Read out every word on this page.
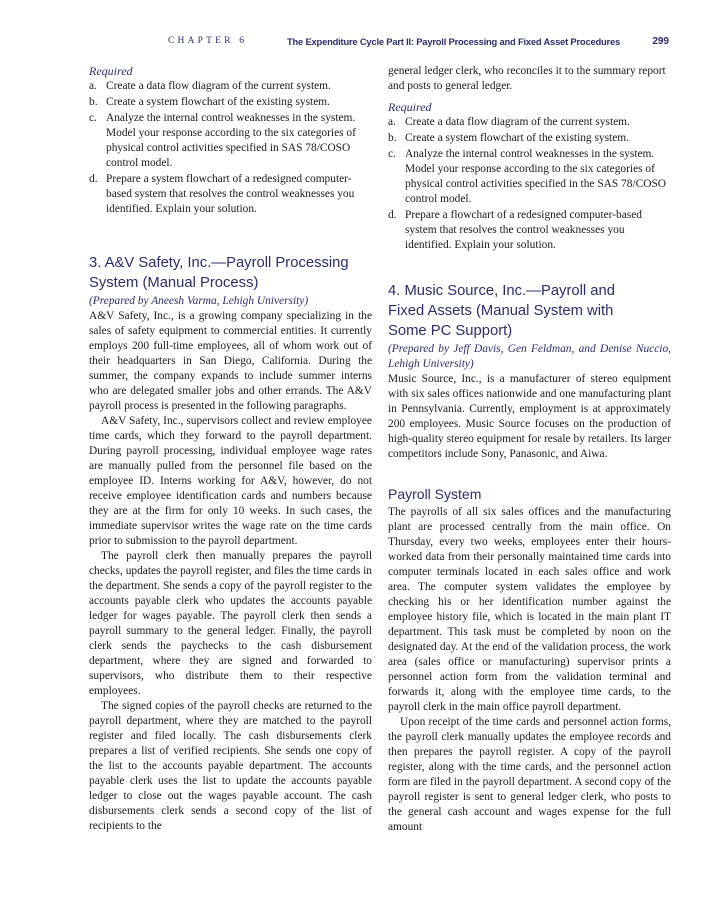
CHAPTER 6	The Expenditure Cycle Part II: Payroll Processing and Fixed Asset Procedures	299

Required

a. Create a data flow diagram of the current system.
b. Create a system flowchart of the existing system.
c. Analyze the internal control weaknesses in the system. Model your response according to the six categories of physical control activities specified in SAS 78/COSO control model.
d. Prepare a system flowchart of a redesigned computer-based system that resolves the control weaknesses you identified. Explain your solution.
3. A&V Safety, Inc.—Payroll Processing System (Manual Process)

(Prepared by Aneesh Varma, Lehigh University)

A&V Safety, Inc., is a growing company specializing in the sales of safety equipment to commercial entities. It currently employs 200 full-time employees, all of whom work out of their headquarters in San Diego, California. During the summer, the company expands to include summer interns who are delegated smaller jobs and other errands. The A&V payroll process is presented in the following paragraphs.

A&V Safety, Inc., supervisors collect and review employee time cards, which they forward to the payroll department. During payroll processing, individual employee wage rates are manually pulled from the personnel file based on the employee ID. Interns working for A&V, however, do not receive employee identification cards and numbers because they are at the firm for only 10 weeks. In such cases, the immediate supervisor writes the wage rate on the time cards prior to submission to the payroll department.

The payroll clerk then manually prepares the payroll checks, updates the payroll register, and files the time cards in the department. She sends a copy of the payroll register to the accounts payable clerk who updates the accounts payable ledger for wages payable. The payroll clerk then sends a payroll summary to the general ledger. Finally, the payroll clerk sends the paychecks to the cash disbursement department, where they are signed and forwarded to supervisors, who distribute them to their respective employees.

The signed copies of the payroll checks are returned to the payroll department, where they are matched to the payroll register and filed locally. The cash disbursements clerk prepares a list of verified recipients. She sends one copy of the list to the accounts payable department. The accounts payable clerk uses the list to update the accounts payable ledger to close out the wages payable account. The cash disbursements clerk sends a second copy of the list of recipients to the

general ledger clerk, who reconciles it to the summary report and posts to general ledger.

Required

a. Create a data flow diagram of the current system.
b. Create a system flowchart of the existing system.
c. Analyze the internal control weaknesses in the system. Model your response according to the six categories of physical control activities specified in the SAS 78/COSO control model.
d. Prepare a flowchart of a redesigned computer-based system that resolves the control weaknesses you identified. Explain your solution.
4. Music Source, Inc.—Payroll and Fixed Assets (Manual System with Some PC Support)

(Prepared by Jeff Davis, Gen Feldman, and Denise Nuccio, Lehigh University)

Music Source, Inc., is a manufacturer of stereo equipment with six sales offices nationwide and one manufacturing plant in Pennsylvania. Currently, employment is at approximately 200 employees. Music Source focuses on the production of high-quality stereo equipment for resale by retailers. Its larger competitors include Sony, Panasonic, and Aiwa.

Payroll System

The payrolls of all six sales offices and the manufacturing plant are processed centrally from the main office. On Thursday, every two weeks, employees enter their hours-worked data from their personally maintained time cards into computer terminals located in each sales office and work area. The computer system validates the employee by checking his or her identification number against the employee history file, which is located in the main plant IT department. This task must be completed by noon on the designated day. At the end of the validation process, the work area (sales office or manufacturing) supervisor prints a personnel action form from the validation terminal and forwards it, along with the employee time cards, to the payroll clerk in the main office payroll department.

Upon receipt of the time cards and personnel action forms, the payroll clerk manually updates the employee records and then prepares the payroll register. A copy of the payroll register, along with the time cards, and the personnel action form are filed in the payroll department. A second copy of the payroll register is sent to general ledger clerk, who posts to the general cash account and wages expense for the full amount
